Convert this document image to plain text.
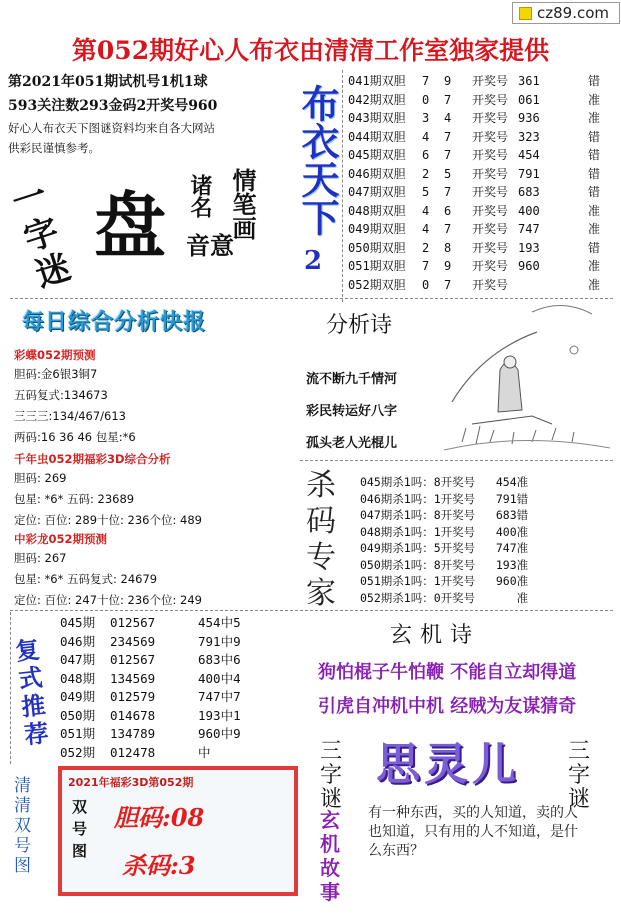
cz89.com
第052期好心人布衣由清清工作室独家提供
第2021年051期试机号1机1球
593关注数293金码2开奖号960
好心人布衣天下图谜资料均来自各大网站
供彩民谨慎参考。
一字迷
盘 诸名 情笔画
音意
布衣天下
2
041期双胆 7 9 开奖号 361	错
042期双胆 0 7 开奖号 061	准
043期双胆 3 4 开奖号 936	准
044期双胆 4 7 开奖号 323	错
045期双胆 6 7 开奖号 454	错
046期双胆 2 5 开奖号 791	错
047期双胆 5 7 开奖号 683	错
048期双胆 4 6 开奖号 400	准
049期双胆 4 7 开奖号 747	准
050期双胆 2 8 开奖号 193	错
051期双胆 7 9 开奖号 960	准
052期双胆 0 7 开奖号	准
每日综合分析快报
彩蝶052期预测
胆码:金6银3铜7
五码复式:134673
三三三:134/467/613
两码:16 36 46 包星:*6
千年虫052期福彩3D综合分析
胆码: 269
包星: *6* 五码: 23689
定位: 百位: 289十位: 236个位: 489
中彩龙052期预测
胆码: 267
包星: *6* 五码复式: 24679
定位: 百位: 247十位: 236个位: 249
分析诗
流不断九千情河
彩民转运好八字
孤头老人光棍儿
杀码专家
045期杀1吗：8开奖号   454准
046期杀1吗：1开奖号   791错
047期杀1吗：8开奖号   683错
048期杀1吗：1开奖号   400准
049期杀1吗：5开奖号   747准
050期杀1吗：8开奖号   193准
051期杀1吗：1开奖号   960准
052期杀1吗：0开奖号      准
复式推荐
045期 012567	454中5
046期 234569	791中9
047期 012567	683中6
048期 134569	400中4
049期 012579	747中7
050期 014678	193中1
051期 134789	960中9
052期 012478	中
玄机诗
狗怕棍子牛怕鞭 不能自立却得道
引虎自冲机中机 经贼为友谋猜奇
三字谜
三字谜
思灵儿
玄机故事
有一种东西，买的人知道，卖的人也知道，只有用的人不知道，是什么东西？
清清双号图
2021年福彩3D第052期
双号图
胆码:08
杀码:3
